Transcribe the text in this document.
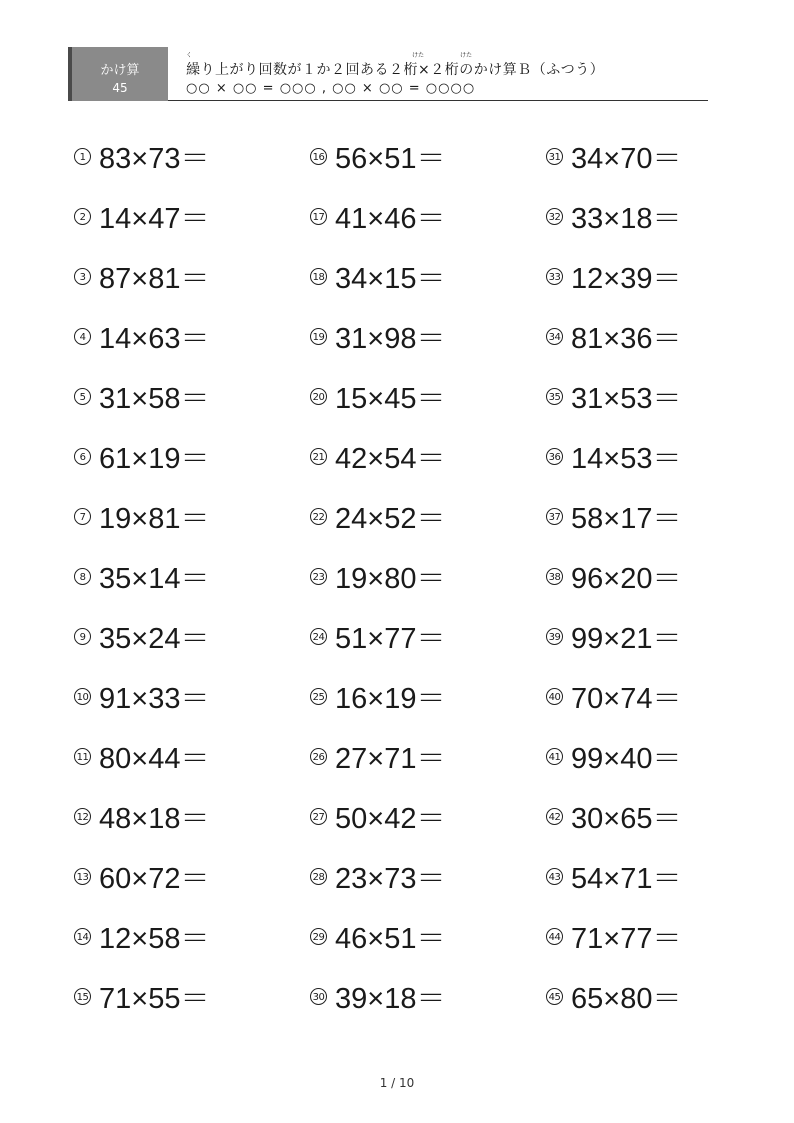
かけ算
45
く	けた	けた
繰り上がり回数が１か２回ある２桁×２桁のかけ算Ｂ（ふつう）
○○ × ○○ = ○○○ , ○○ × ○○ = ○○○○
1 83×73＝
2 14×47＝
3 87×81＝
4 14×63＝
5 31×58＝
6 61×19＝
7 19×81＝
8 35×14＝
9 35×24＝
10 91×33＝
11 80×44＝
12 48×18＝
13 60×72＝
14 12×58＝
15 71×55＝
16 56×51＝
17 41×46＝
18 34×15＝
19 31×98＝
20 15×45＝
21 42×54＝
22 24×52＝
23 19×80＝
24 51×77＝
25 16×19＝
26 27×71＝
27 50×42＝
28 23×73＝
29 46×51＝
30 39×18＝
31 34×70＝
32 33×18＝
33 12×39＝
34 81×36＝
35 31×53＝
36 14×53＝
37 58×17＝
38 96×20＝
39 99×21＝
40 70×74＝
41 99×40＝
42 30×65＝
43 54×71＝
44 71×77＝
45 65×80＝
1 / 10
